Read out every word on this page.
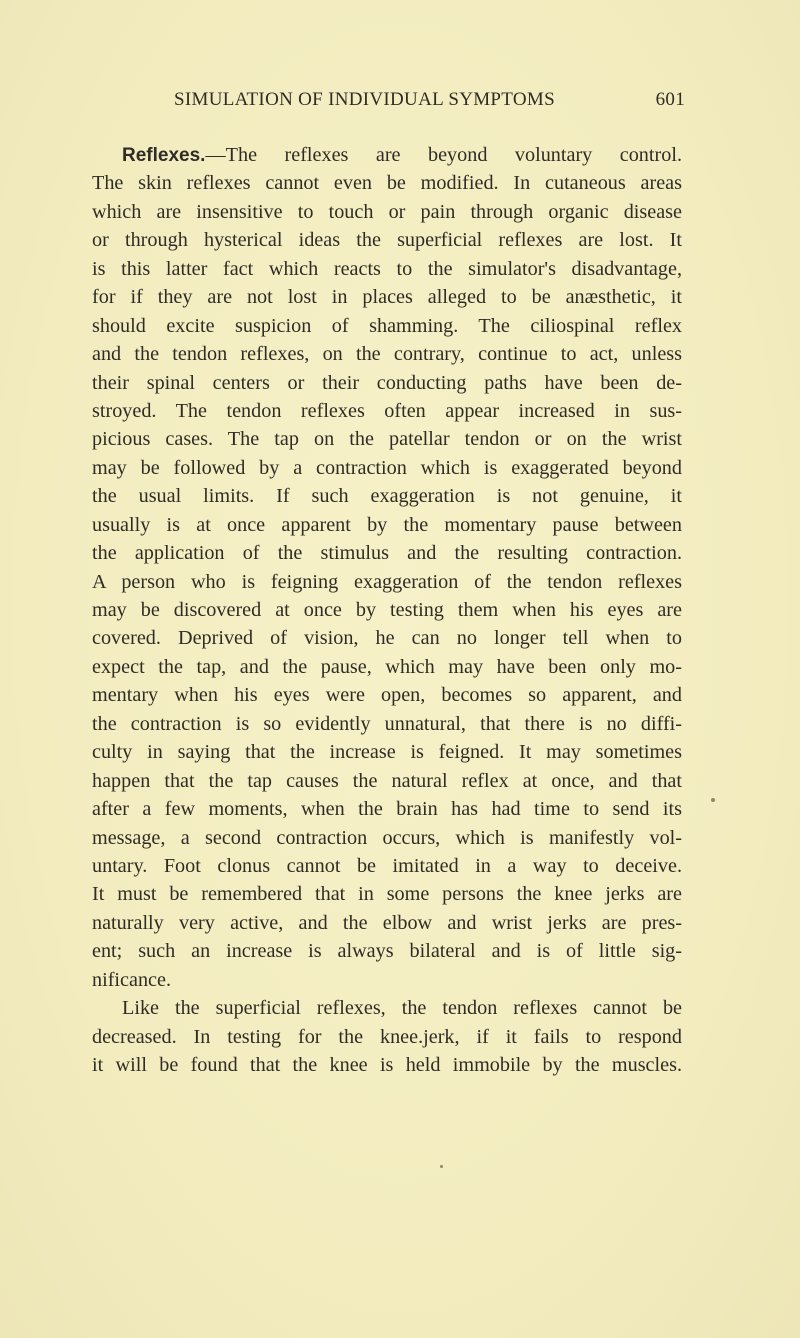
SIMULATION OF INDIVIDUAL SYMPTOMS	601
Reflexes.—The reflexes are beyond voluntary control.
The skin reflexes cannot even be modified. In cutaneous areas
which are insensitive to touch or pain through organic disease
or through hysterical ideas the superficial reflexes are lost. It
is this latter fact which reacts to the simulator's disadvantage,
for if they are not lost in places alleged to be anæsthetic, it
should excite suspicion of shamming. The ciliospinal reflex
and the tendon reflexes, on the contrary, continue to act, unless
their spinal centers or their conducting paths have been de-
stroyed. The tendon reflexes often appear increased in sus-
picious cases. The tap on the patellar tendon or on the wrist
may be followed by a contraction which is exaggerated beyond
the usual limits. If such exaggeration is not genuine, it
usually is at once apparent by the momentary pause between
the application of the stimulus and the resulting contraction.
A person who is feigning exaggeration of the tendon reflexes
may be discovered at once by testing them when his eyes are
covered. Deprived of vision, he can no longer tell when to
expect the tap, and the pause, which may have been only mo-
mentary when his eyes were open, becomes so apparent, and
the contraction is so evidently unnatural, that there is no diffi-
culty in saying that the increase is feigned. It may sometimes
happen that the tap causes the natural reflex at once, and that
after a few moments, when the brain has had time to send its
message, a second contraction occurs, which is manifestly vol-
untary. Foot clonus cannot be imitated in a way to deceive.
It must be remembered that in some persons the knee jerks are
naturally very active, and the elbow and wrist jerks are pres-
ent; such an increase is always bilateral and is of little sig-
nificance.
Like the superficial reflexes, the tendon reflexes cannot be
decreased. In testing for the knee.jerk, if it fails to respond
it will be found that the knee is held immobile by the muscles.
